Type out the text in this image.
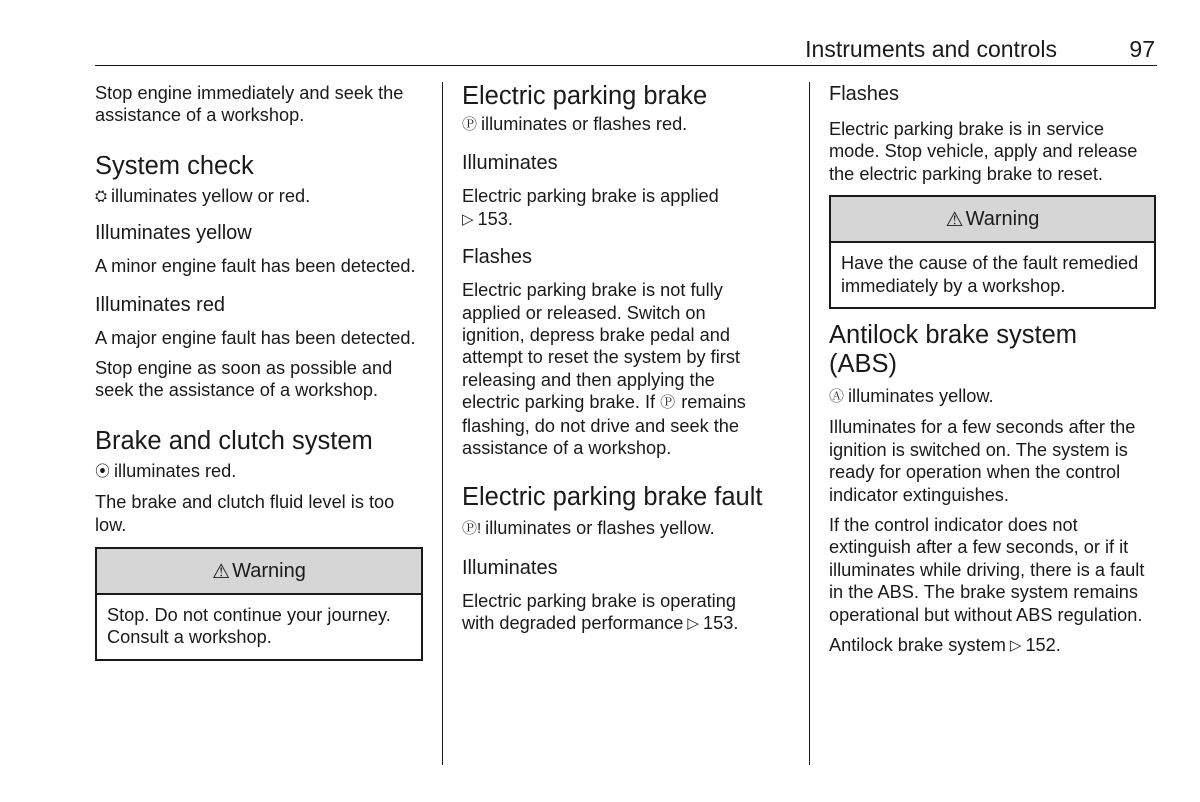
Instruments and controls	97

Stop engine immediately and seek the assistance of a workshop.

System check

⛭ illuminates yellow or red.

Illuminates yellow

A minor engine fault has been detected.

Illuminates red

A major engine fault has been detected.

Stop engine as soon as possible and seek the assistance of a workshop.

Brake and clutch system

⦿ illuminates red.

The brake and clutch fluid level is too low.

⚠ Warning

Stop. Do not continue your journey. Consult a workshop.

Electric parking brake

Ⓟ illuminates or flashes red.

Illuminates

Electric parking brake is applied
▷ 153.

Flashes

Electric parking brake is not fully
applied or released. Switch on
ignition, depress brake pedal and
attempt to reset the system by first
releasing and then applying the
electric parking brake. If Ⓟ remains
flashing, do not drive and seek the
assistance of a workshop.

Electric parking brake fault

Ⓟ! illuminates or flashes yellow.

Illuminates

Electric parking brake is operating
with degraded performance ▷ 153.

Flashes

Electric parking brake is in service mode. Stop vehicle, apply and release the electric parking brake to reset.

⚠ Warning

Have the cause of the fault remedied immediately by a workshop.

Antilock brake system (ABS)

Ⓐ illuminates yellow.

Illuminates for a few seconds after the ignition is switched on. The system is ready for operation when the control indicator extinguishes.

If the control indicator does not extinguish after a few seconds, or if it illuminates while driving, there is a fault in the ABS. The brake system remains operational but without ABS regulation.

Antilock brake system ▷ 152.
